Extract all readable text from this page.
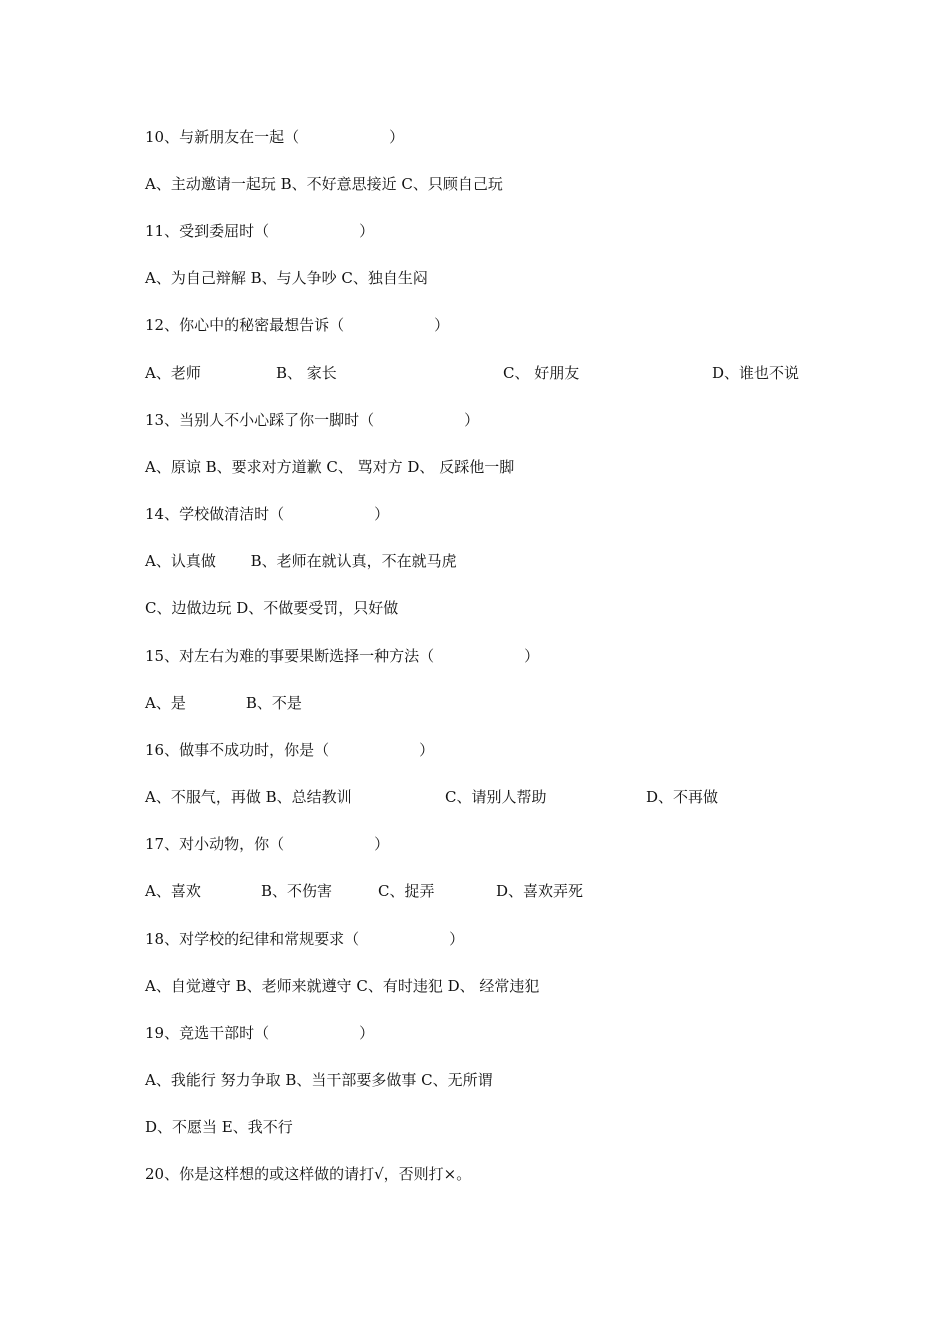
10、与新朋友在一起（　　　　　　）
A、主动邀请一起玩 B、不好意思接近 C、只顾自己玩
11、受到委屈时（　　　　　　）
A、为自己辩解 B、与人争吵 C、独自生闷
12、你心中的秘密最想告诉（　　　　　　）
A、老师	B、 家长	C、 好朋友	D、谁也不说
13、当别人不小心踩了你一脚时（　　　　　　）
A、原谅 B、要求对方道歉 C、 骂对方 D、 反踩他一脚
14、学校做清洁时（　　　　　　）
A、认真做　　 B、老师在就认真，不在就马虎
C、边做边玩 D、不做要受罚，只好做
15、对左右为难的事要果断选择一种方法（　　　　　　）
A、是　　　　B、不是
16、做事不成功时，你是（　　　　　　）
A、不服气，再做 B、总结教训	C、请别人帮助	D、不再做
17、对小动物，你（　　　　　　）
A、喜欢	B、不伤害	C、捉弄	D、喜欢弄死
18、对学校的纪律和常规要求（　　　　　　）
A、自觉遵守 B、老师来就遵守 C、有时违犯 D、 经常违犯
19、竞选干部时（　　　　　　）
A、我能行 努力争取 B、当干部要多做事 C、无所谓
D、不愿当 E、我不行
20、你是这样想的或这样做的请打√，否则打×。
